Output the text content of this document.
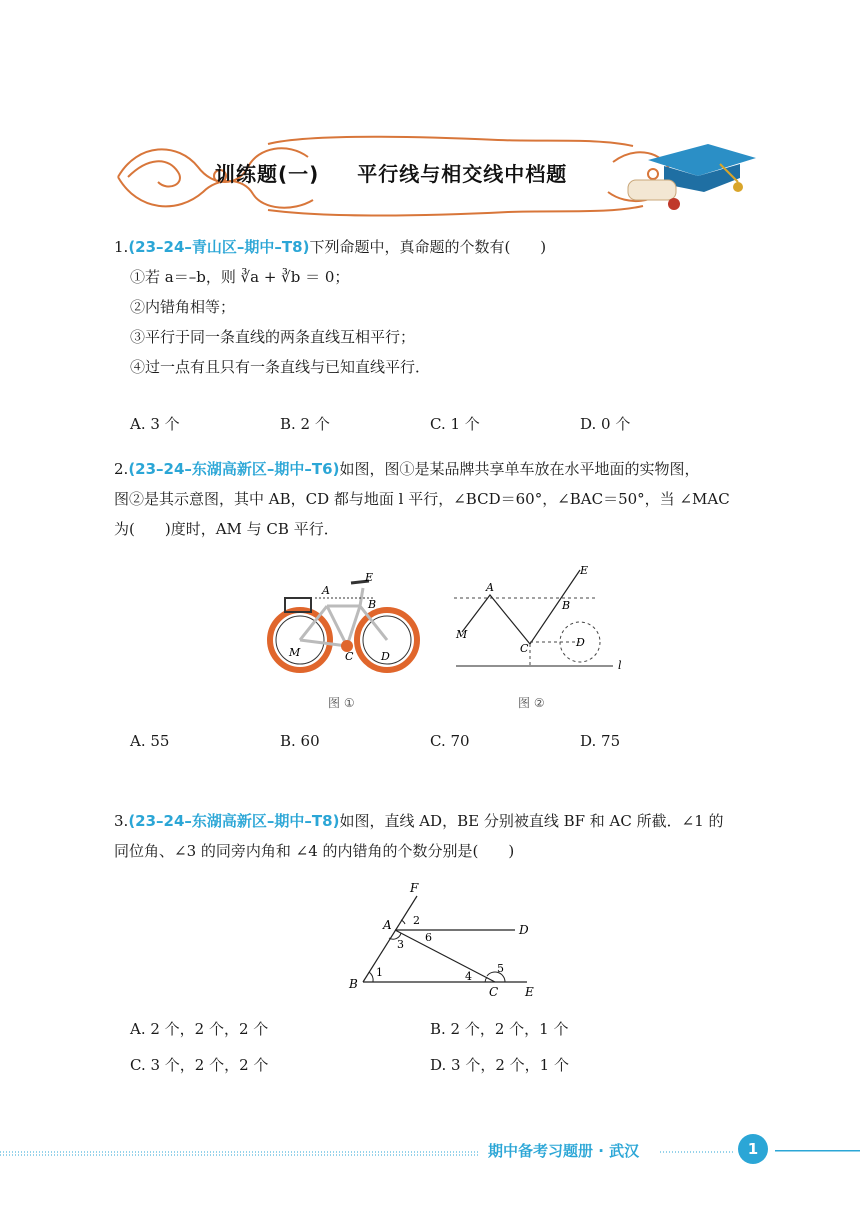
训练题(一) 平行线与相交线中档题

1.(23–24–青山区–期中–T8)下列命题中，真命题的个数有(　　)

①若 a＝–b，则 ∛a + ∛b ＝ 0；

②内错角相等；

③平行于同一条直线的两条直线互相平行；

④过一点有且只有一条直线与已知直线平行．

A. 3 个	B. 2 个	C. 1 个	D. 0 个

2.(23–24–东湖高新区–期中–T6)如图，图①是某品牌共享单车放在水平地面的实物图，

图②是其示意图，其中 AB，CD 都与地面 l 平行，∠BCD＝60°，∠BAC＝50°，当 ∠MAC

为(　　)度时，AM 与 CB 平行．

A
E
B
M	C	D
图 ①
A
E
B
M
C	D
l
图 ②
A. 55	B. 60	C. 70	D. 75

3.(23–24–东湖高新区–期中–T8)如图，直线 AD，BE 分别被直线 BF 和 AC 所截．∠1 的

同位角、∠3 的同旁内角和 ∠4 的内错角的个数分别是(　　)

F
A	D
B
C E
1
2
3
4
5
6
A. 2 个，2 个，2 个	B. 2 个，2 个，1 个
C. 3 个，2 个，2 个	D. 3 个，2 个，1 个
期中备考习题册 · 武汉	1
